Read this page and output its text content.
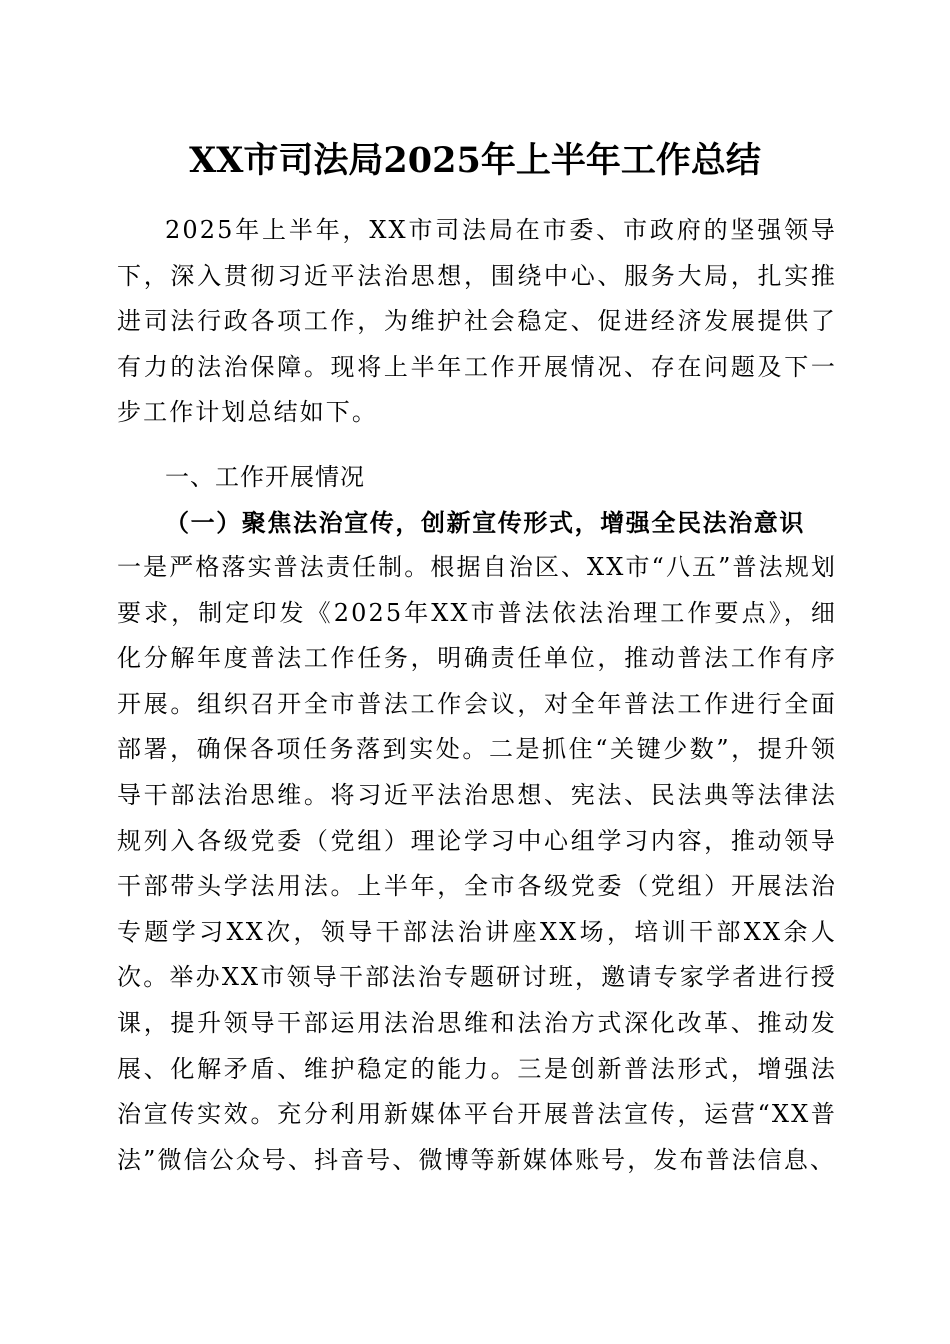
XX市司法局2025年上半年工作总结

2025年上半年，XX市司法局在市委、市政府的坚强领导下，深入贯彻习近平法治思想，围绕中心、服务大局，扎实推进司法行政各项工作，为维护社会稳定、促进经济发展提供了有力的法治保障。现将上半年工作开展情况、存在问题及下一步工作计划总结如下。

一、工作开展情况
（一）聚焦法治宣传，创新宣传形式，增强全民法治意识

一是严格落实普法责任制。根据自治区、XX市“八五”普法规划要求，制定印发《2025年XX市普法依法治理工作要点》，细化分解年度普法工作任务，明确责任单位，推动普法工作有序开展。组织召开全市普法工作会议，对全年普法工作进行全面部署，确保各项任务落到实处。二是抓住“关键少数”，提升领导干部法治思维。将习近平法治思想、宪法、民法典等法律法规列入各级党委（党组）理论学习中心组学习内容，推动领导干部带头学法用法。上半年，全市各级党委（党组）开展法治专题学习XX次，领导干部法治讲座XX场，培训干部XX余人次。举办XX市领导干部法治专题研讨班，邀请专家学者进行授课，提升领导干部运用法治思维和法治方式深化改革、推动发展、化解矛盾、维护稳定的能力。三是创新普法形式，增强法治宣传实效。充分利用新媒体平台开展普法宣传，运营“XX普法”微信公众号、抖音号、微博等新媒体账号，发布普法信息、
